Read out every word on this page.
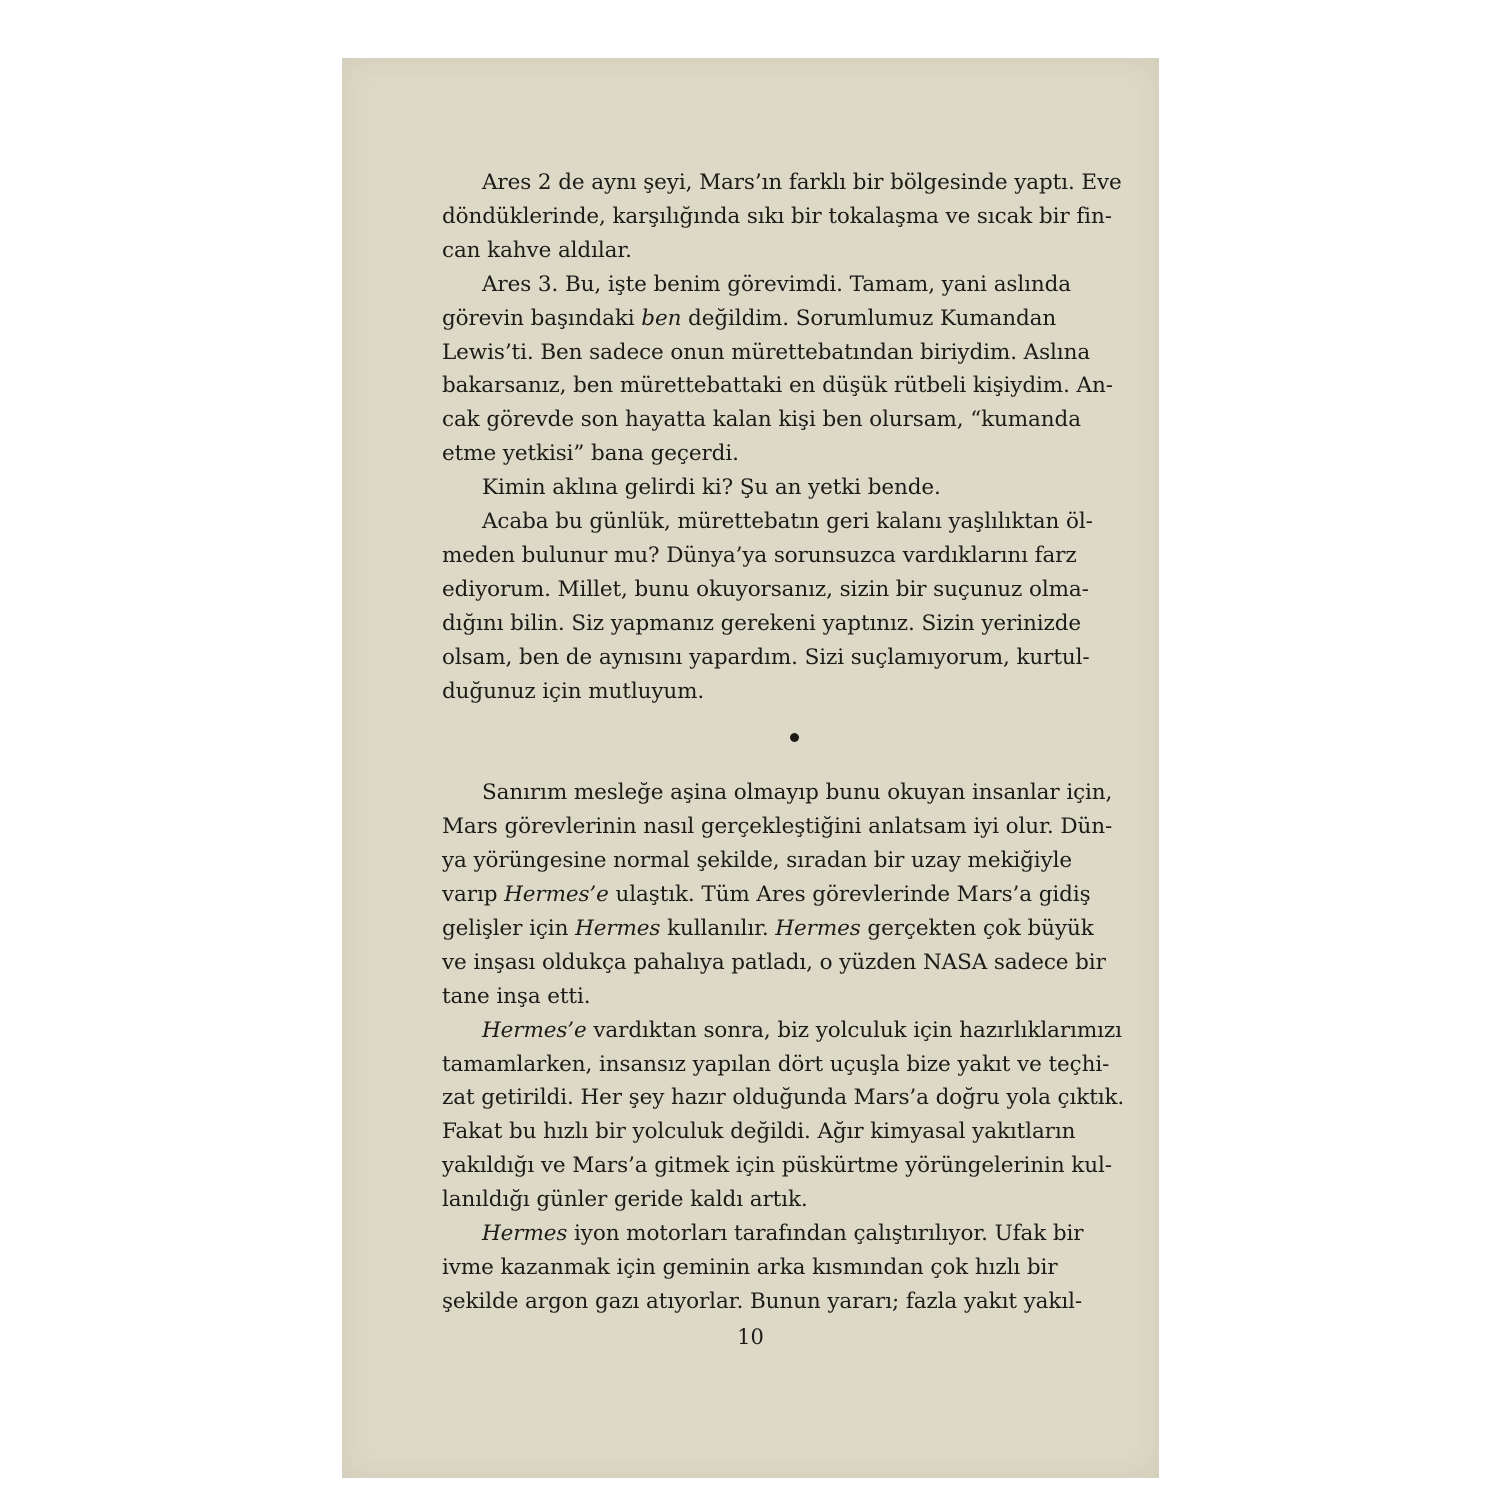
Ares 2 de aynı şeyi, Mars’ın farklı bir bölgesinde yaptı. Eve
döndüklerinde, karşılığında sıkı bir tokalaşma ve sıcak bir fin-
can kahve aldılar.
Ares 3. Bu, işte benim görevimdi. Tamam, yani aslında
görevin başındaki ben değildim. Sorumlumuz Kumandan
Lewis’ti. Ben sadece onun mürettebatından biriydim. Aslına
bakarsanız, ben mürettebattaki en düşük rütbeli kişiydim. An-
cak görevde son hayatta kalan kişi ben olursam, “kumanda
etme yetkisi” bana geçerdi.
Kimin aklına gelirdi ki? Şu an yetki bende.
Acaba bu günlük, mürettebatın geri kalanı yaşlılıktan öl-
meden bulunur mu? Dünya’ya sorunsuzca vardıklarını farz
ediyorum. Millet, bunu okuyorsanız, sizin bir suçunuz olma-
dığını bilin. Siz yapmanız gerekeni yaptınız. Sizin yerinizde
olsam, ben de aynısını yapardım. Sizi suçlamıyorum, kurtul-
duğunuz için mutluyum.
Sanırım mesleğe aşina olmayıp bunu okuyan insanlar için,
Mars görevlerinin nasıl gerçekleştiğini anlatsam iyi olur. Dün-
ya yörüngesine normal şekilde, sıradan bir uzay mekiğiyle
varıp Hermes’e ulaştık. Tüm Ares görevlerinde Mars’a gidiş
gelişler için Hermes kullanılır. Hermes gerçekten çok büyük
ve inşası oldukça pahalıya patladı, o yüzden NASA sadece bir
tane inşa etti.
Hermes’e vardıktan sonra, biz yolculuk için hazırlıklarımızı
tamamlarken, insansız yapılan dört uçuşla bize yakıt ve teçhi-
zat getirildi. Her şey hazır olduğunda Mars’a doğru yola çıktık.
Fakat bu hızlı bir yolculuk değildi. Ağır kimyasal yakıtların
yakıldığı ve Mars’a gitmek için püskürtme yörüngelerinin kul-
lanıldığı günler geride kaldı artık.
Hermes iyon motorları tarafından çalıştırılıyor. Ufak bir
ivme kazanmak için geminin arka kısmından çok hızlı bir
şekilde argon gazı atıyorlar. Bunun yararı; fazla yakıt yakıl-
10
